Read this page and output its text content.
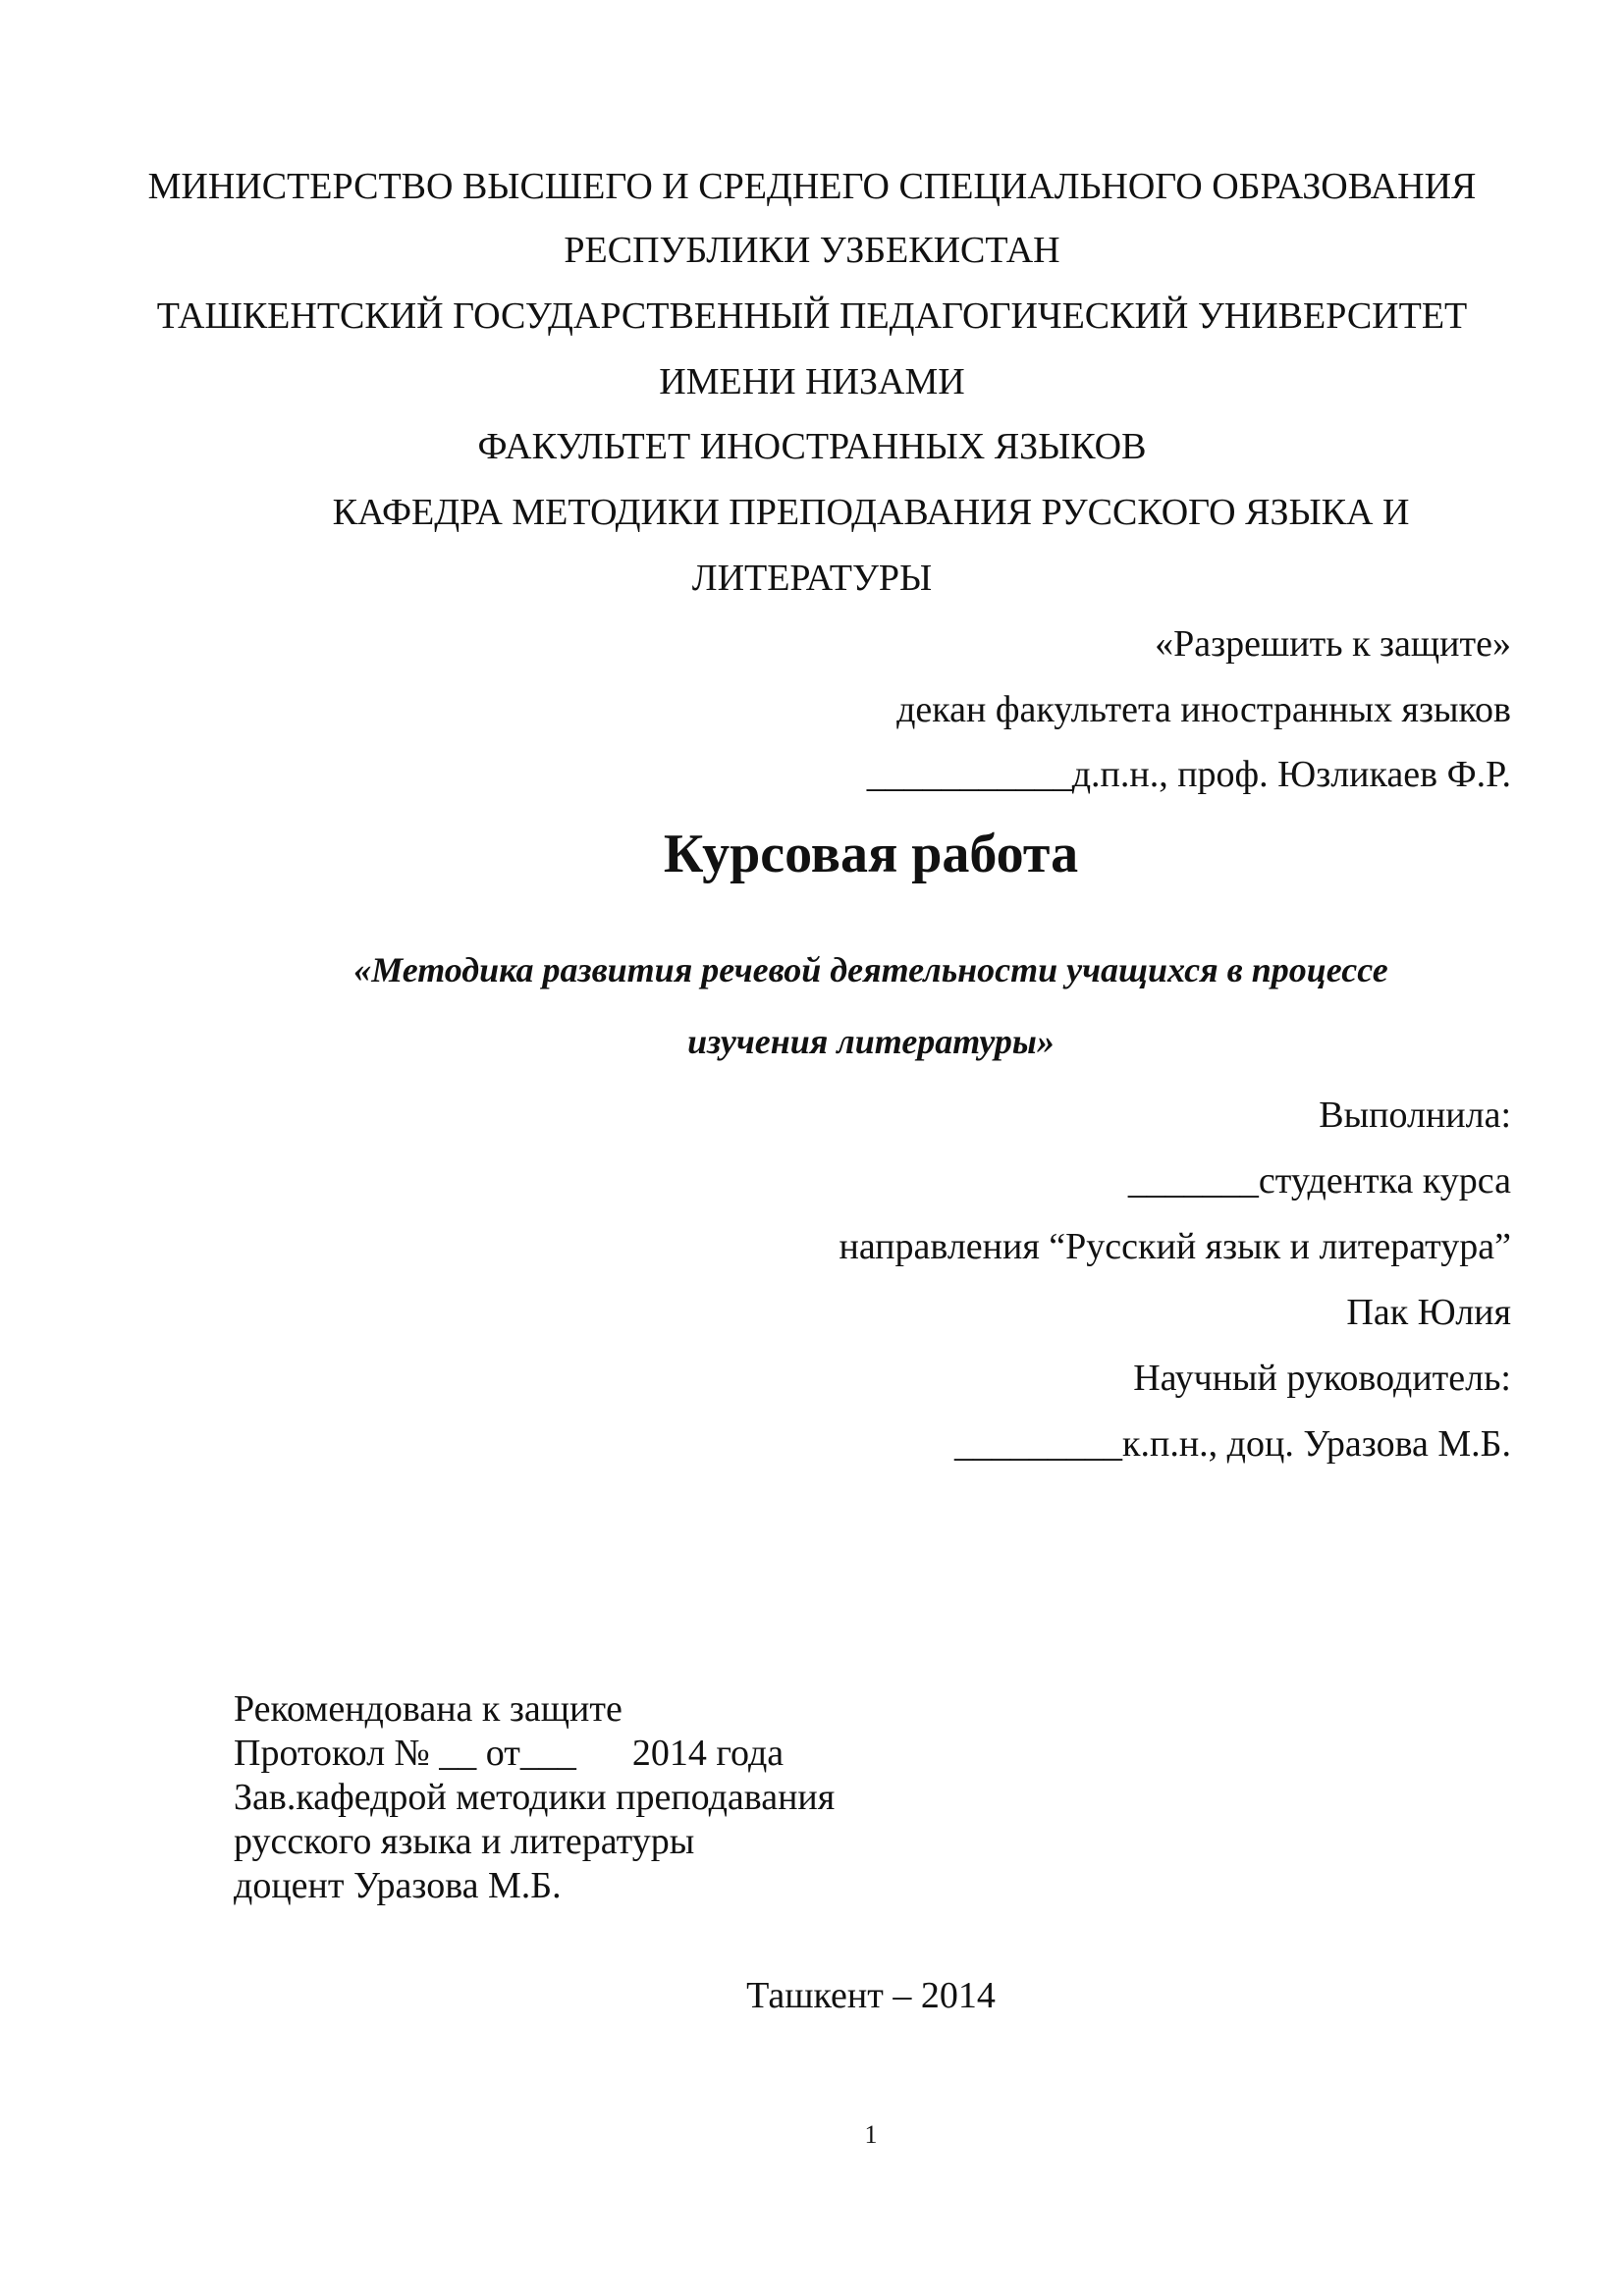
МИНИСТЕРСТВО ВЫСШЕГО И СРЕДНЕГО СПЕЦИАЛЬНОГО ОБРАЗОВАНИЯ
РЕСПУБЛИКИ УЗБЕКИСТАН
ТАШКЕНТСКИЙ ГОСУДАРСТВЕННЫЙ ПЕДАГОГИЧЕСКИЙ УНИВЕРСИТЕТ
ИМЕНИ НИЗАМИ
ФАКУЛЬТЕТ ИНОСТРАННЫХ ЯЗЫКОВ
КАФЕДРА МЕТОДИКИ ПРЕПОДАВАНИЯ РУССКОГО ЯЗЫКА И
ЛИТЕРАТУРЫ
«Разрешить к защите»
декан факультета иностранных языков
___________д.п.н., проф. Юзликаев Ф.Р.
Курсовая работа
«Методика развития речевой деятельности учащихся в процессе
изучения литературы»
Выполнила:
_______студентка курса
направления “Русский язык и литература”
Пак Юлия
Научный руководитель:
_________к.п.н., доц. Уразова М.Б.
Рекомендована к защите
Протокол № __ от___      2014 года
Зав.кафедрой методики преподавания
русского языка и литературы
доцент Уразова М.Б.
Ташкент – 2014
1
